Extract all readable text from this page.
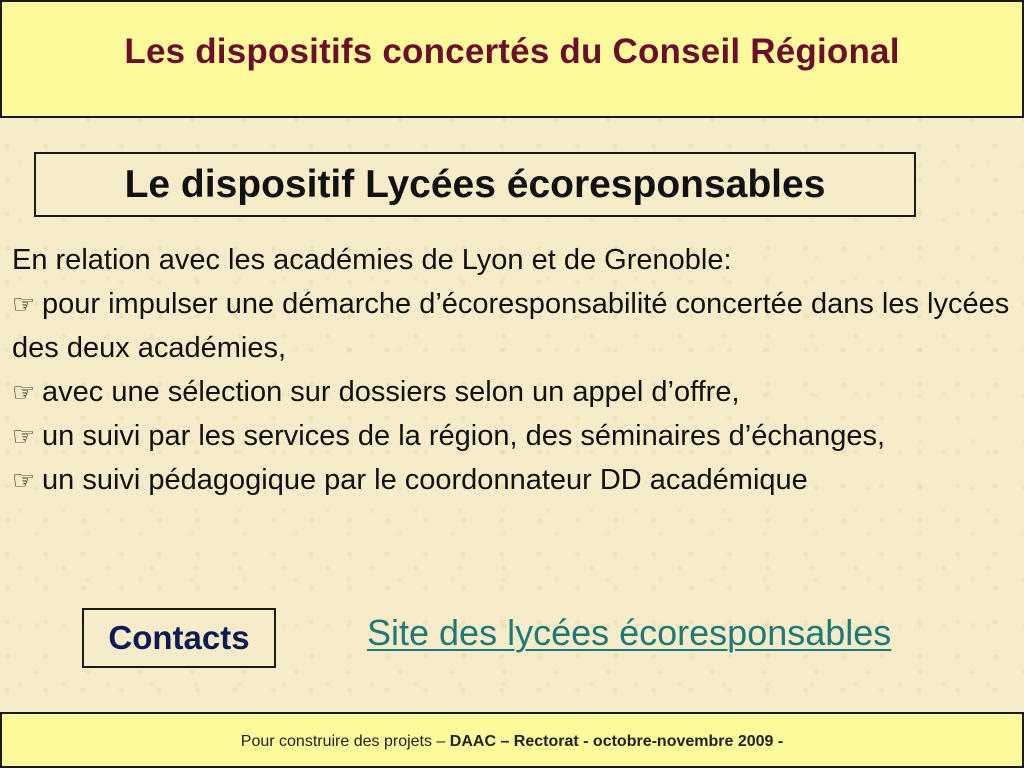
Les dispositifs concertés du Conseil Régional
Le dispositif Lycées écoresponsables

En relation avec les académies de Lyon et de Grenoble:

☞ pour impulser une démarche d’écoresponsabilité concertée dans les lycées des deux académies,

☞ avec une sélection sur dossiers selon un appel d’offre,

☞ un suivi par les services de la région, des séminaires d’échanges,

☞ un suivi pédagogique par le coordonnateur DD académique

Contacts	Site des lycées écoresponsables
Pour construire des projets – DAAC – Rectorat - octobre-novembre 2009 -
